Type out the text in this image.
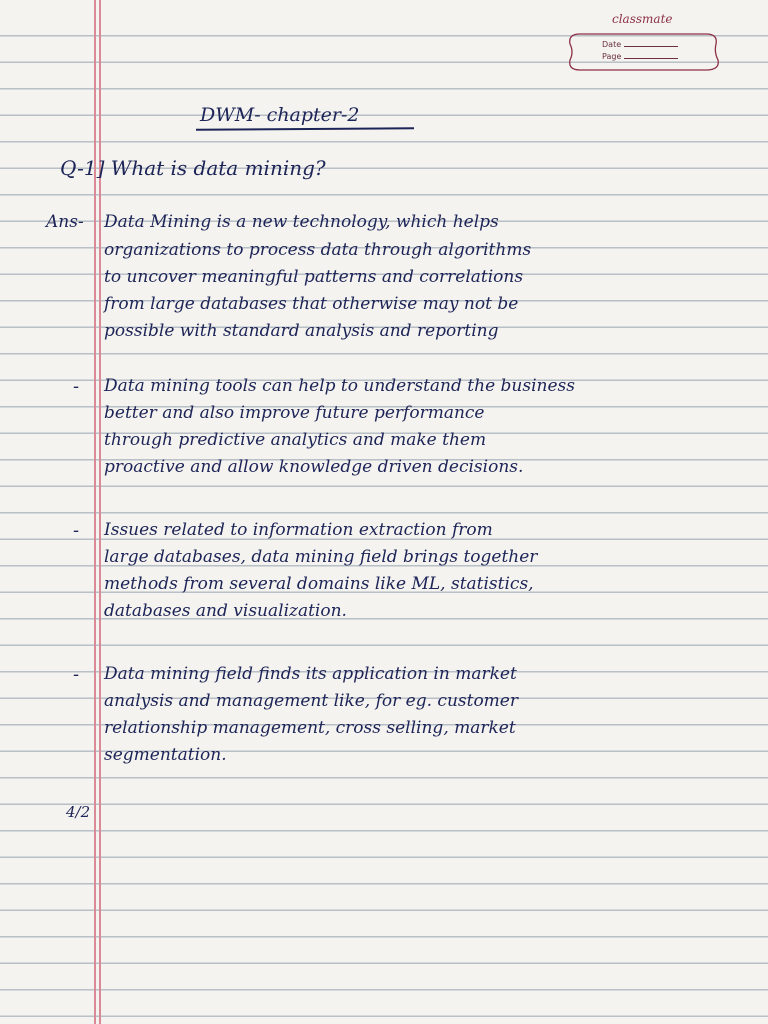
classmate
Date
Page
DWM- chapter-2
Q-1] What is data mining?
Ans- Data Mining is a new technology, which helps
organizations to process data through algorithms
to uncover meaningful patterns and correlations
from large databases that otherwise may not be
possible with standard analysis and reporting
- Data mining tools can help to understand the business
better and also improve future performance
through predictive analytics and make them
proactive and allow knowledge driven decisions.
- Issues related to information extraction from
large databases, data mining field brings together
methods from several domains like ML, statistics,
databases and visualization.
- Data mining field finds its application in market
analysis and management like, for eg. customer
relationship management, cross selling, market
segmentation.
4/2
